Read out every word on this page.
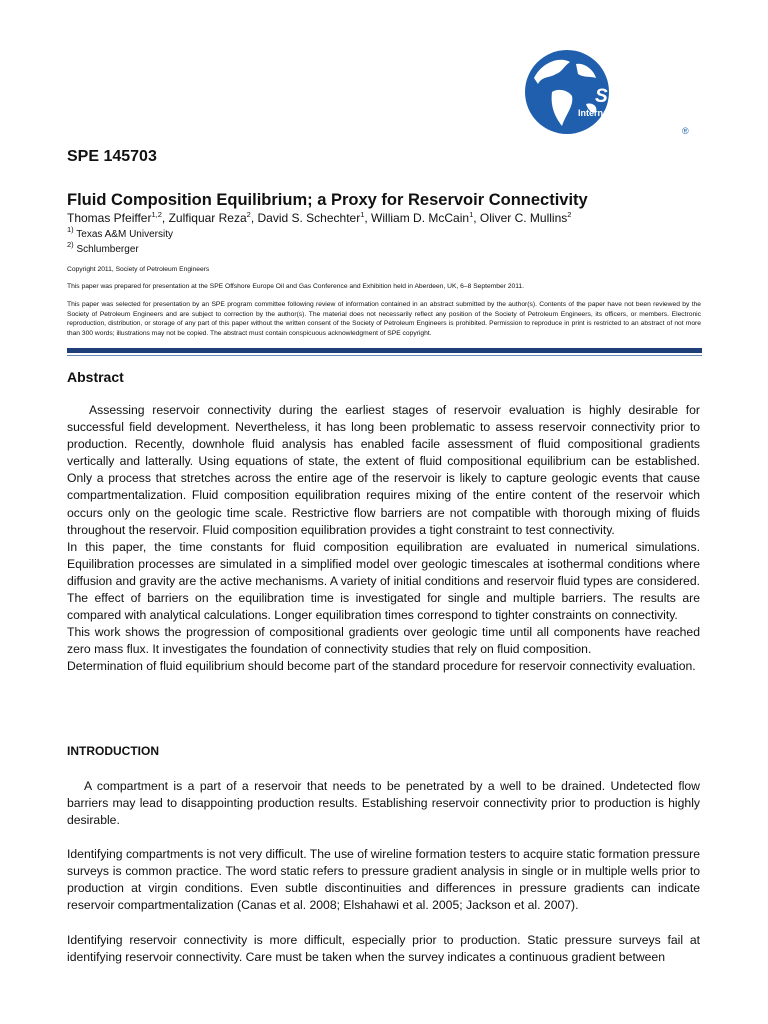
SPE
International
®
SPE 145703
Fluid Composition Equilibrium; a Proxy for Reservoir Connectivity
Thomas Pfeiffer$^{1,2}$, Zulfiquar Reza$^2$, David S. Schechter$^1$, William D. McCain$^1$, Oliver C. Mullins$^2$
$^{1)}$ Texas A&M University
$^{2)}$ Schlumberger

Copyright 2011, Society of Petroleum Engineers

This paper was prepared for presentation at the SPE Offshore Europe Oil and Gas Conference and Exhibition held in Aberdeen, UK, 6–8 September 2011.

This paper was selected for presentation by an SPE program committee following review of information contained in an abstract submitted by the author(s). Contents of the paper have not been reviewed by the Society of Petroleum Engineers and are subject to correction by the author(s). The material does not necessarily reflect any position of the Society of Petroleum Engineers, its officers, or members. Electronic reproduction, distribution, or storage of any part of this paper without the written consent of the Society of Petroleum Engineers is prohibited. Permission to reproduce in print is restricted to an abstract of not more than 300 words; illustrations may not be copied. The abstract must contain conspicuous acknowledgment of SPE copyright.

Abstract

Assessing reservoir connectivity during the earliest stages of reservoir evaluation is highly desirable for successful field development. Nevertheless, it has long been problematic to assess reservoir connectivity prior to production. Recently, downhole fluid analysis has enabled facile assessment of fluid compositional gradients vertically and latterally. Using equations of state, the extent of fluid compositional equilibrium can be established. Only a process that stretches across the entire age of the reservoir is likely to capture geologic events that cause compartmentalization. Fluid composition equilibration requires mixing of the entire content of the reservoir which occurs only on the geologic time scale. Restrictive flow barriers are not compatible with thorough mixing of fluids throughout the reservoir. Fluid composition equilibration provides a tight constraint to test connectivity.

In this paper, the time constants for fluid composition equilibration are evaluated in numerical simulations. Equilibration processes are simulated in a simplified model over geologic timescales at isothermal conditions where diffusion and gravity are the active mechanisms. A variety of initial conditions and reservoir fluid types are considered. The effect of barriers on the equilibration time is investigated for single and multiple barriers. The results are compared with analytical calculations. Longer equilibration times correspond to tighter constraints on connectivity.

This work shows the progression of compositional gradients over geologic time until all components have reached zero mass flux. It investigates the foundation of connectivity studies that rely on fluid composition.

Determination of fluid equilibrium should become part of the standard procedure for reservoir connectivity evaluation.

INTRODUCTION

A compartment is a part of a reservoir that needs to be penetrated by a well to be drained. Undetected flow barriers may lead to disappointing production results. Establishing reservoir connectivity prior to production is highly desirable.

Identifying compartments is not very difficult. The use of wireline formation testers to acquire static formation pressure surveys is common practice. The word static refers to pressure gradient analysis in single or in multiple wells prior to production at virgin conditions. Even subtle discontinuities and differences in pressure gradients can indicate reservoir compartmentalization (Canas et al. 2008; Elshahawi et al. 2005; Jackson et al. 2007).

Identifying reservoir connectivity is more difficult, especially prior to production. Static pressure surveys fail at identifying reservoir connectivity. Care must be taken when the survey indicates a continuous gradient between
